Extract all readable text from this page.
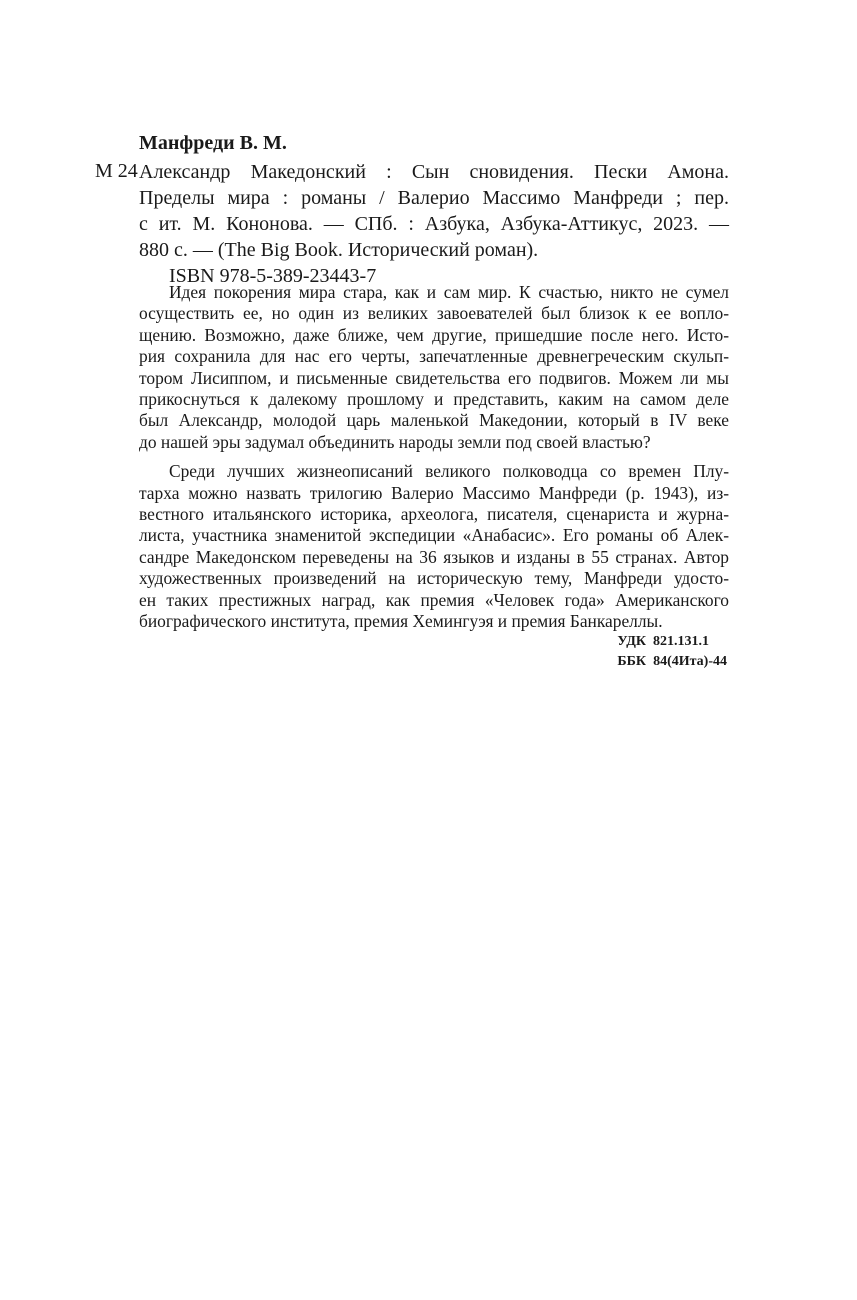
Манфреди В. М.
М 24 Александр Македонский : Сын сновидения. Пески Амона.
Пределы мира : романы / Валерио Массимо Манфреди ; пер.
с ит. М. Кононова. — СПб. : Азбука, Азбука-Аттикус, 2023. —
880 с. — (The Big Book. Исторический роман).
ISBN 978-5-389-23443-7
Идея покорения мира стара, как и сам мир. К счастью, никто не сумел
осуществить ее, но один из великих завоевателей был близок к ее вопло-
щению. Возможно, даже ближе, чем другие, пришедшие после него. Исто-
рия сохранила для нас его черты, запечатленные древнегреческим скульп-
тором Лисиппом, и письменные свидетельства его подвигов. Можем ли мы
прикоснуться к далекому прошлому и представить, каким на самом деле
был Александр, молодой царь маленькой Македонии, который в IV веке
до нашей эры задумал объединить народы земли под своей властью?
Среди лучших жизнеописаний великого полководца со времен Плу-
тарха можно назвать трилогию Валерио Массимо Манфреди (р. 1943), из-
вестного итальянского историка, археолога, писателя, сценариста и журна-
листа, участника знаменитой экспедиции «Анабасис». Его романы об Алек-
сандре Македонском переведены на 36 языков и изданы в 55 странах. Автор
художественных произведений на историческую тему, Манфреди удосто-
ен таких престижных наград, как премия «Человек года» Американского
биографического института, премия Хемингуэя и премия Банкареллы.
УДК  821.131.1
ББК  84(4Ита)-44
